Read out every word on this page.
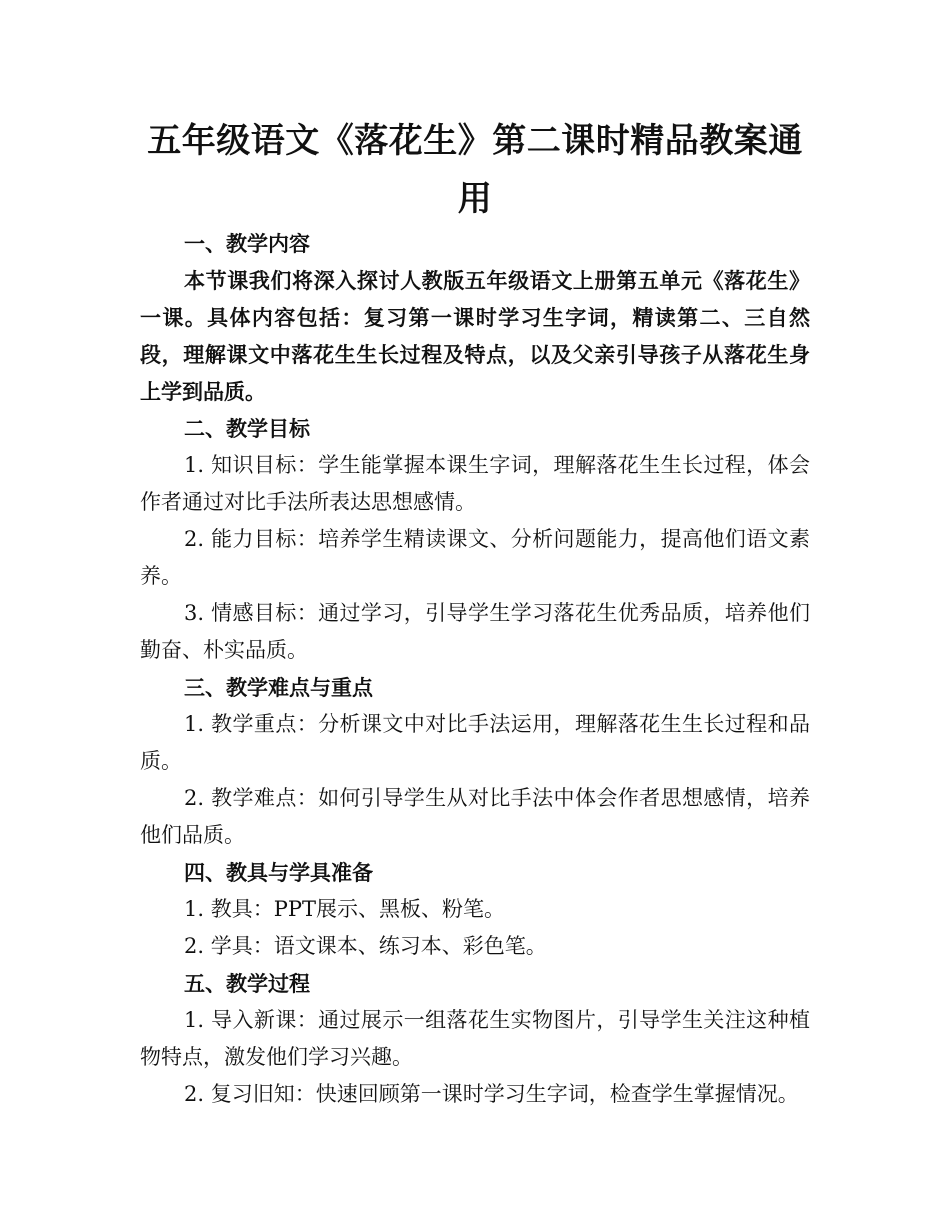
五年级语文《落花生》第二课时精品教案通用

一、教学内容

本节课我们将深入探讨人教版五年级语文上册第五单元《落花生》一课。具体内容包括：复习第一课时学习生字词，精读第二、三自然段，理解课文中落花生生长过程及特点，以及父亲引导孩子从落花生身上学到品质。

二、教学目标

1. 知识目标：学生能掌握本课生字词，理解落花生生长过程，体会作者通过对比手法所表达思想感情。

2. 能力目标：培养学生精读课文、分析问题能力，提高他们语文素养。

3. 情感目标：通过学习，引导学生学习落花生优秀品质，培养他们勤奋、朴实品质。

三、教学难点与重点

1. 教学重点：分析课文中对比手法运用，理解落花生生长过程和品质。

2. 教学难点：如何引导学生从对比手法中体会作者思想感情，培养他们品质。

四、教具与学具准备

1. 教具：PPT展示、黑板、粉笔。

2. 学具：语文课本、练习本、彩色笔。

五、教学过程

1. 导入新课：通过展示一组落花生实物图片，引导学生关注这种植物特点，激发他们学习兴趣。

2. 复习旧知：快速回顾第一课时学习生字词，检查学生掌握情况。
